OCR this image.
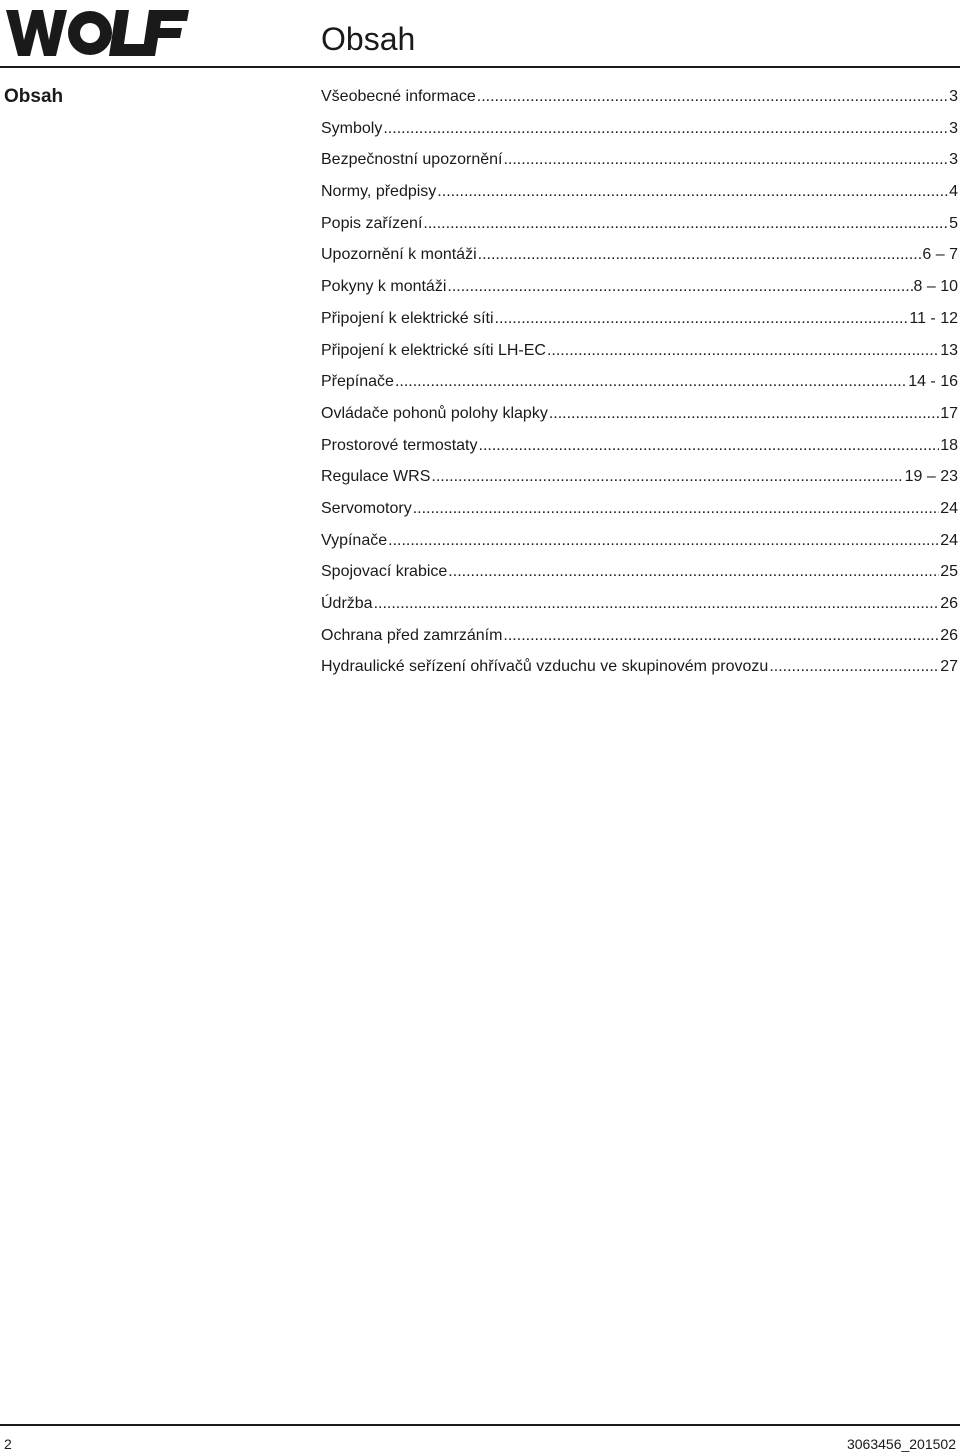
Obsah
Obsah	Všeobecné informace .....	3
Symboly .....	3
Bezpečnostní upozornění .....	3
Normy, předpisy .....	4
Popis zařízení .....	5
Upozornění k montáži .....	6 – 7
Pokyny k montáži .....	8 – 10
Připojení k elektrické síti .....	11 - 12
Připojení k elektrické síti LH-EC .....	13
Přepínače .....	14 - 16
Ovládače pohonů polohy klapky .....	17
Prostorové termostaty .....	18
Regulace WRS .....	19 – 23
Servomotory .....	24
Vypínače .....	24
Spojovací krabice .....	25
Údržba .....	26
Ochrana před zamrzáním .....	26
Hydraulické seřízení ohřívačů vzduchu ve skupinovém provozu .....	27
2	3063456_201502
